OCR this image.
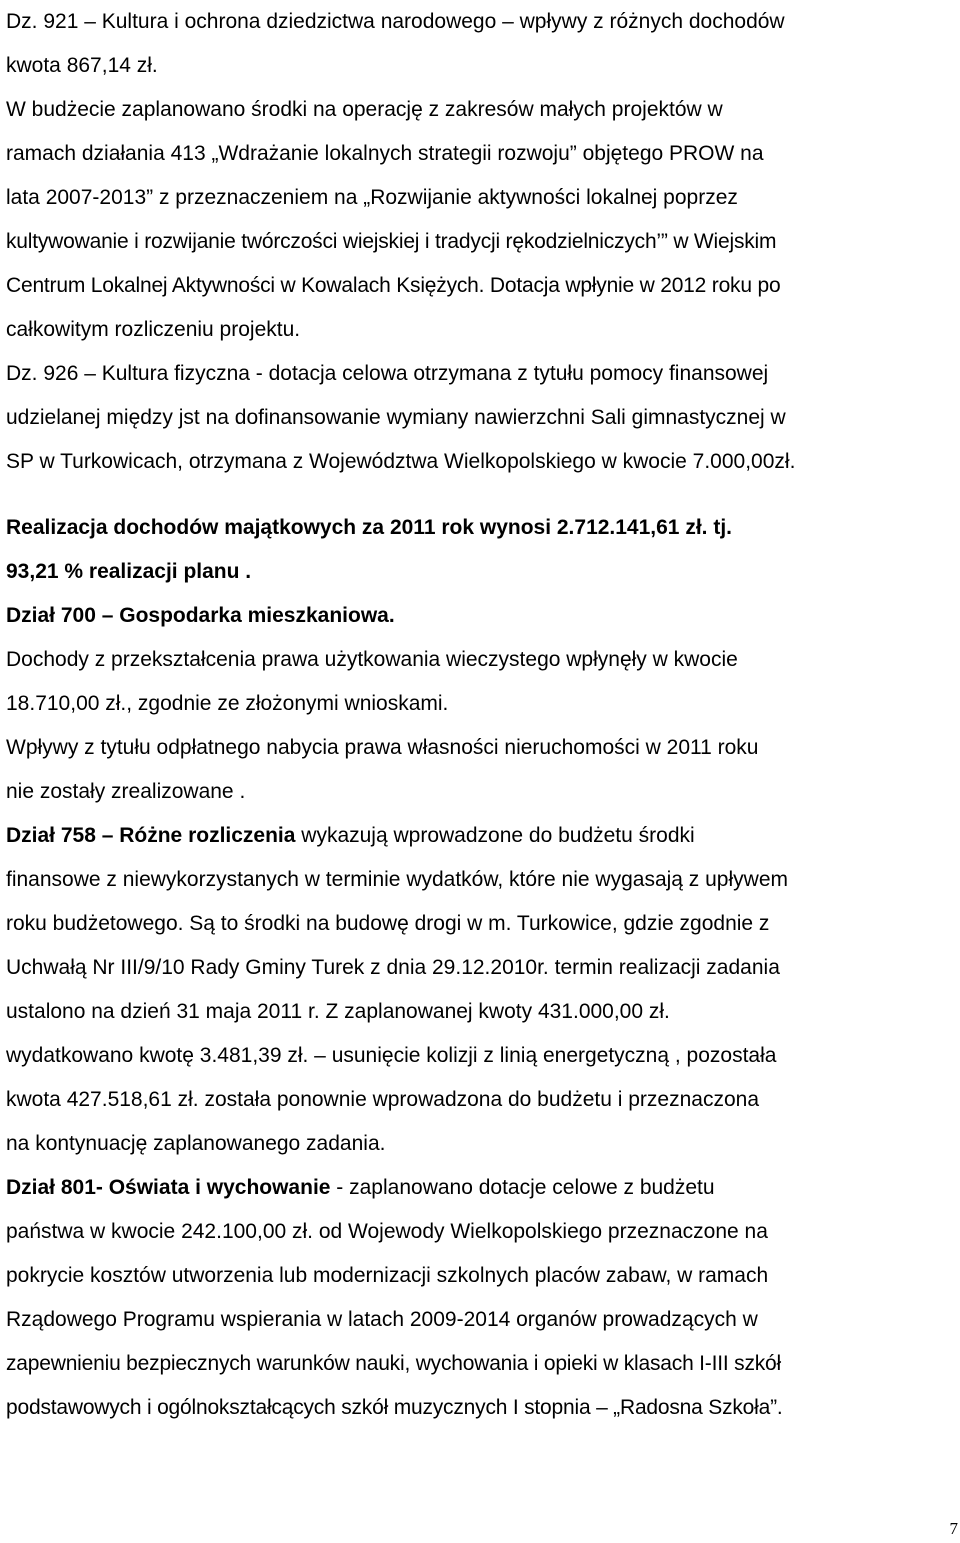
Dz. 921 – Kultura i ochrona dziedzictwa narodowego – wpływy z różnych dochodów
kwota 867,14 zł.
W budżecie zaplanowano środki na operację z zakresów małych projektów w
ramach działania 413 „Wdrażanie lokalnych strategii rozwoju” objętego PROW na
lata 2007-2013” z przeznaczeniem na „Rozwijanie aktywności lokalnej poprzez
kultywowanie i rozwijanie twórczości wiejskiej i tradycji rękodzielniczych’” w Wiejskim
Centrum Lokalnej Aktywności w Kowalach Księżych. Dotacja wpłynie w 2012 roku po
całkowitym rozliczeniu projektu.
Dz. 926 – Kultura fizyczna - dotacja celowa otrzymana z tytułu pomocy finansowej
udzielanej między jst na dofinansowanie wymiany nawierzchni Sali gimnastycznej w
SP w Turkowicach, otrzymana z Województwa Wielkopolskiego w kwocie 7.000,00zł.
Realizacja dochodów majątkowych za 2011 rok wynosi 2.712.141,61 zł. tj.
93,21 % realizacji planu .
Dział 700 – Gospodarka mieszkaniowa.
Dochody z przekształcenia prawa użytkowania wieczystego wpłynęły w kwocie
18.710,00 zł., zgodnie ze złożonymi wnioskami.
Wpływy z tytułu odpłatnego nabycia prawa własności nieruchomości w 2011 roku
nie zostały zrealizowane .
Dział 758 – Różne rozliczenia wykazują wprowadzone do budżetu środki
finansowe z niewykorzystanych w terminie wydatków, które nie wygasają z upływem
roku budżetowego. Są to środki na budowę drogi w m. Turkowice, gdzie zgodnie z
Uchwałą Nr III/9/10 Rady Gminy Turek z dnia 29.12.2010r. termin realizacji zadania
ustalono na dzień 31 maja 2011 r. Z zaplanowanej kwoty 431.000,00 zł.
wydatkowano kwotę 3.481,39 zł. – usunięcie kolizji z linią energetyczną , pozostała
kwota 427.518,61 zł. została ponownie wprowadzona do budżetu i przeznaczona
na kontynuację zaplanowanego zadania.
Dział 801- Oświata i wychowanie - zaplanowano dotacje celowe z budżetu
państwa w kwocie 242.100,00 zł. od Wojewody Wielkopolskiego przeznaczone na
pokrycie kosztów utworzenia lub modernizacji szkolnych placów zabaw, w ramach
Rządowego Programu wspierania w latach 2009-2014 organów prowadzących w
zapewnieniu bezpiecznych warunków nauki, wychowania i opieki w klasach I-III szkół
podstawowych i ogólnokształcących szkół muzycznych I stopnia – „Radosna Szkoła”.
7
